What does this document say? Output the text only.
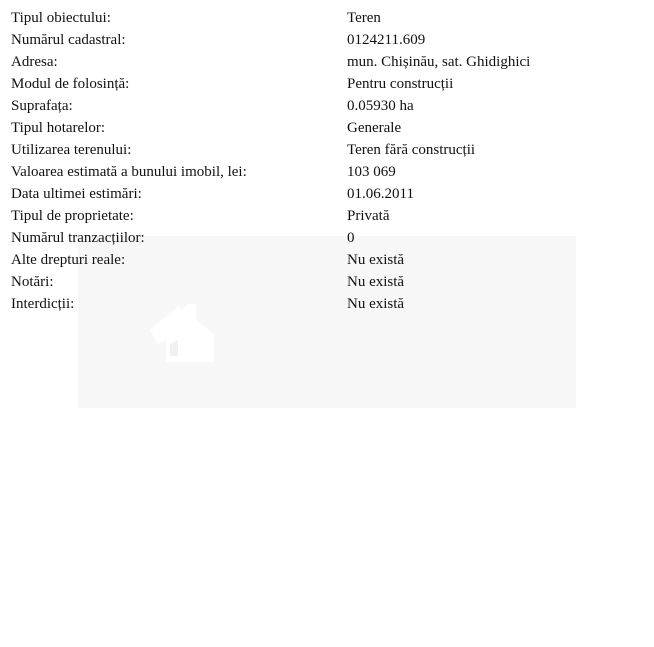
Tipul obiectului:	Teren
Numărul cadastral:	0124211.609
Adresa:	mun. Chișinău, sat. Ghidighici
Modul de folosință:	Pentru construcții
Suprafața:	0.05930 ha
Tipul hotarelor:	Generale
Utilizarea terenului:	Teren fără construcții
Valoarea estimată a bunului imobil, lei:	103 069
Data ultimei estimări:	01.06.2011
Tipul de proprietate:	Privată
Numărul tranzacțiilor:	0
Alte drepturi reale:	Nu există
Notări:	Nu există
Interdicții:	Nu există
